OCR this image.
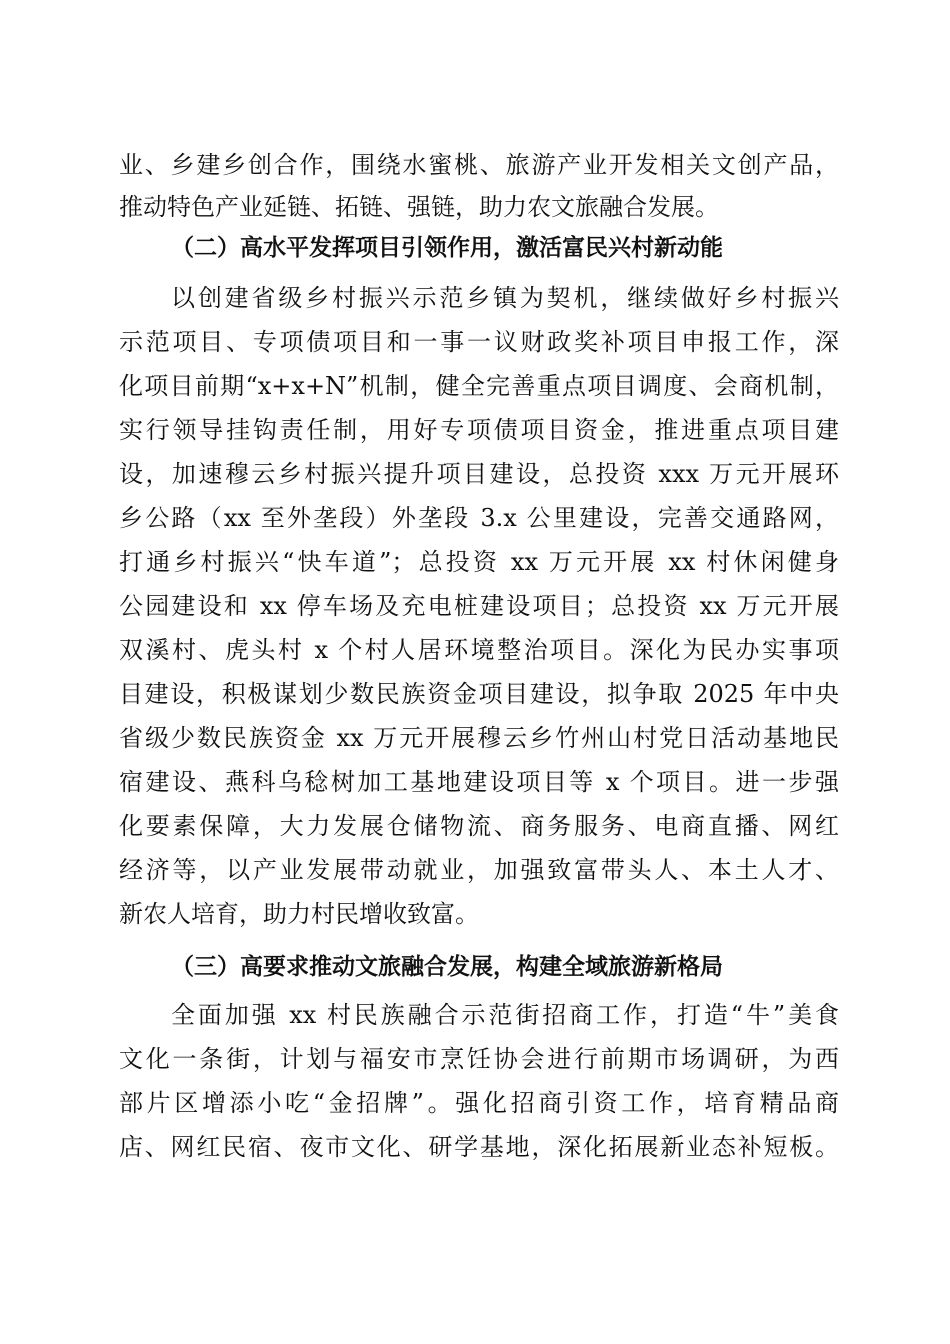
业、乡建乡创合作，围绕水蜜桃、旅游产业开发相关文创产品，
推动特色产业延链、拓链、强链，助力农文旅融合发展。
（二）高水平发挥项目引领作用，激活富民兴村新动能
以创建省级乡村振兴示范乡镇为契机，继续做好乡村振兴
示范项目、专项债项目和一事一议财政奖补项目申报工作，深
化项目前期“x+x+N”机制，健全完善重点项目调度、会商机制，
实行领导挂钩责任制，用好专项债项目资金，推进重点项目建
设，加速穆云乡村振兴提升项目建设，总投资 xxx 万元开展环
乡公路（xx 至外垄段）外垄段 3.x 公里建设，完善交通路网，
打通乡村振兴“快车道”；总投资 xx 万元开展 xx 村休闲健身
公园建设和 xx 停车场及充电桩建设项目；总投资 xx 万元开展
双溪村、虎头村 x 个村人居环境整治项目。深化为民办实事项
目建设，积极谋划少数民族资金项目建设，拟争取 2025 年中央
省级少数民族资金 xx 万元开展穆云乡竹州山村党日活动基地民
宿建设、燕科乌稔树加工基地建设项目等 x 个项目。进一步强
化要素保障，大力发展仓储物流、商务服务、电商直播、网红
经济等，以产业发展带动就业，加强致富带头人、本土人才、
新农人培育，助力村民增收致富。
（三）高要求推动文旅融合发展，构建全域旅游新格局
全面加强 xx 村民族融合示范街招商工作，打造“牛”美食
文化一条街，计划与福安市烹饪协会进行前期市场调研，为西
部片区增添小吃“金招牌”。强化招商引资工作，培育精品商
店、网红民宿、夜市文化、研学基地，深化拓展新业态补短板。
